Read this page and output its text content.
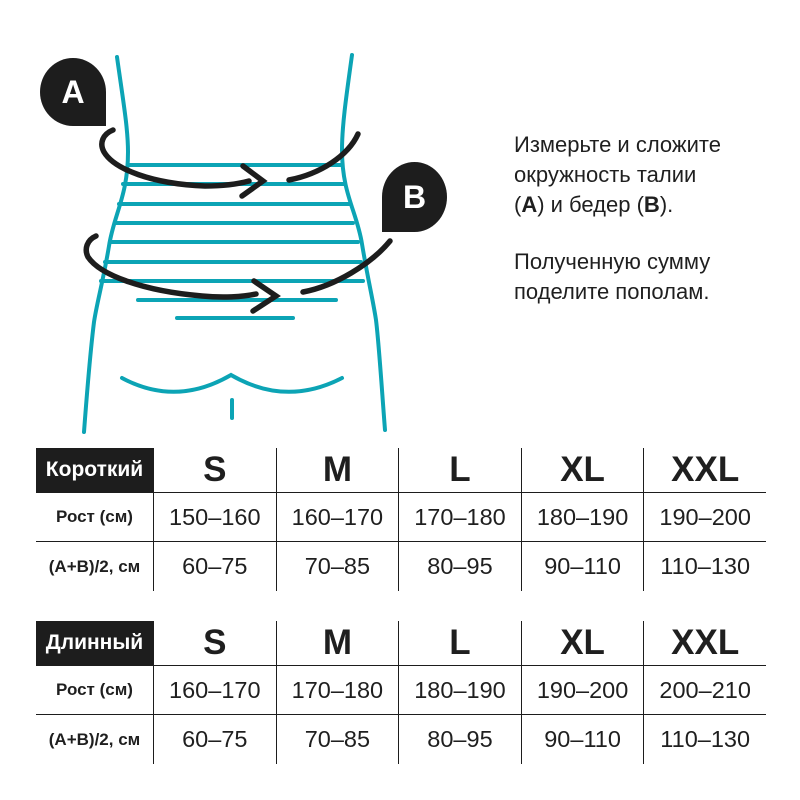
A
B
Измерьте и сложите
окружность талии
(А) и бедер (В).
Полученную сумму
поделите пополам.
Короткий	S	M	L	XL	XXL
Рост (см)	150–160	160–170	170–180	180–190	190–200
(А+В)/2, см	60–75	70–85	80–95	90–110	110–130
Длинный	S	M	L	XL	XXL
Рост (см)	160–170	170–180	180–190	190–200	200–210
(А+В)/2, см	60–75	70–85	80–95	90–110	110–130
